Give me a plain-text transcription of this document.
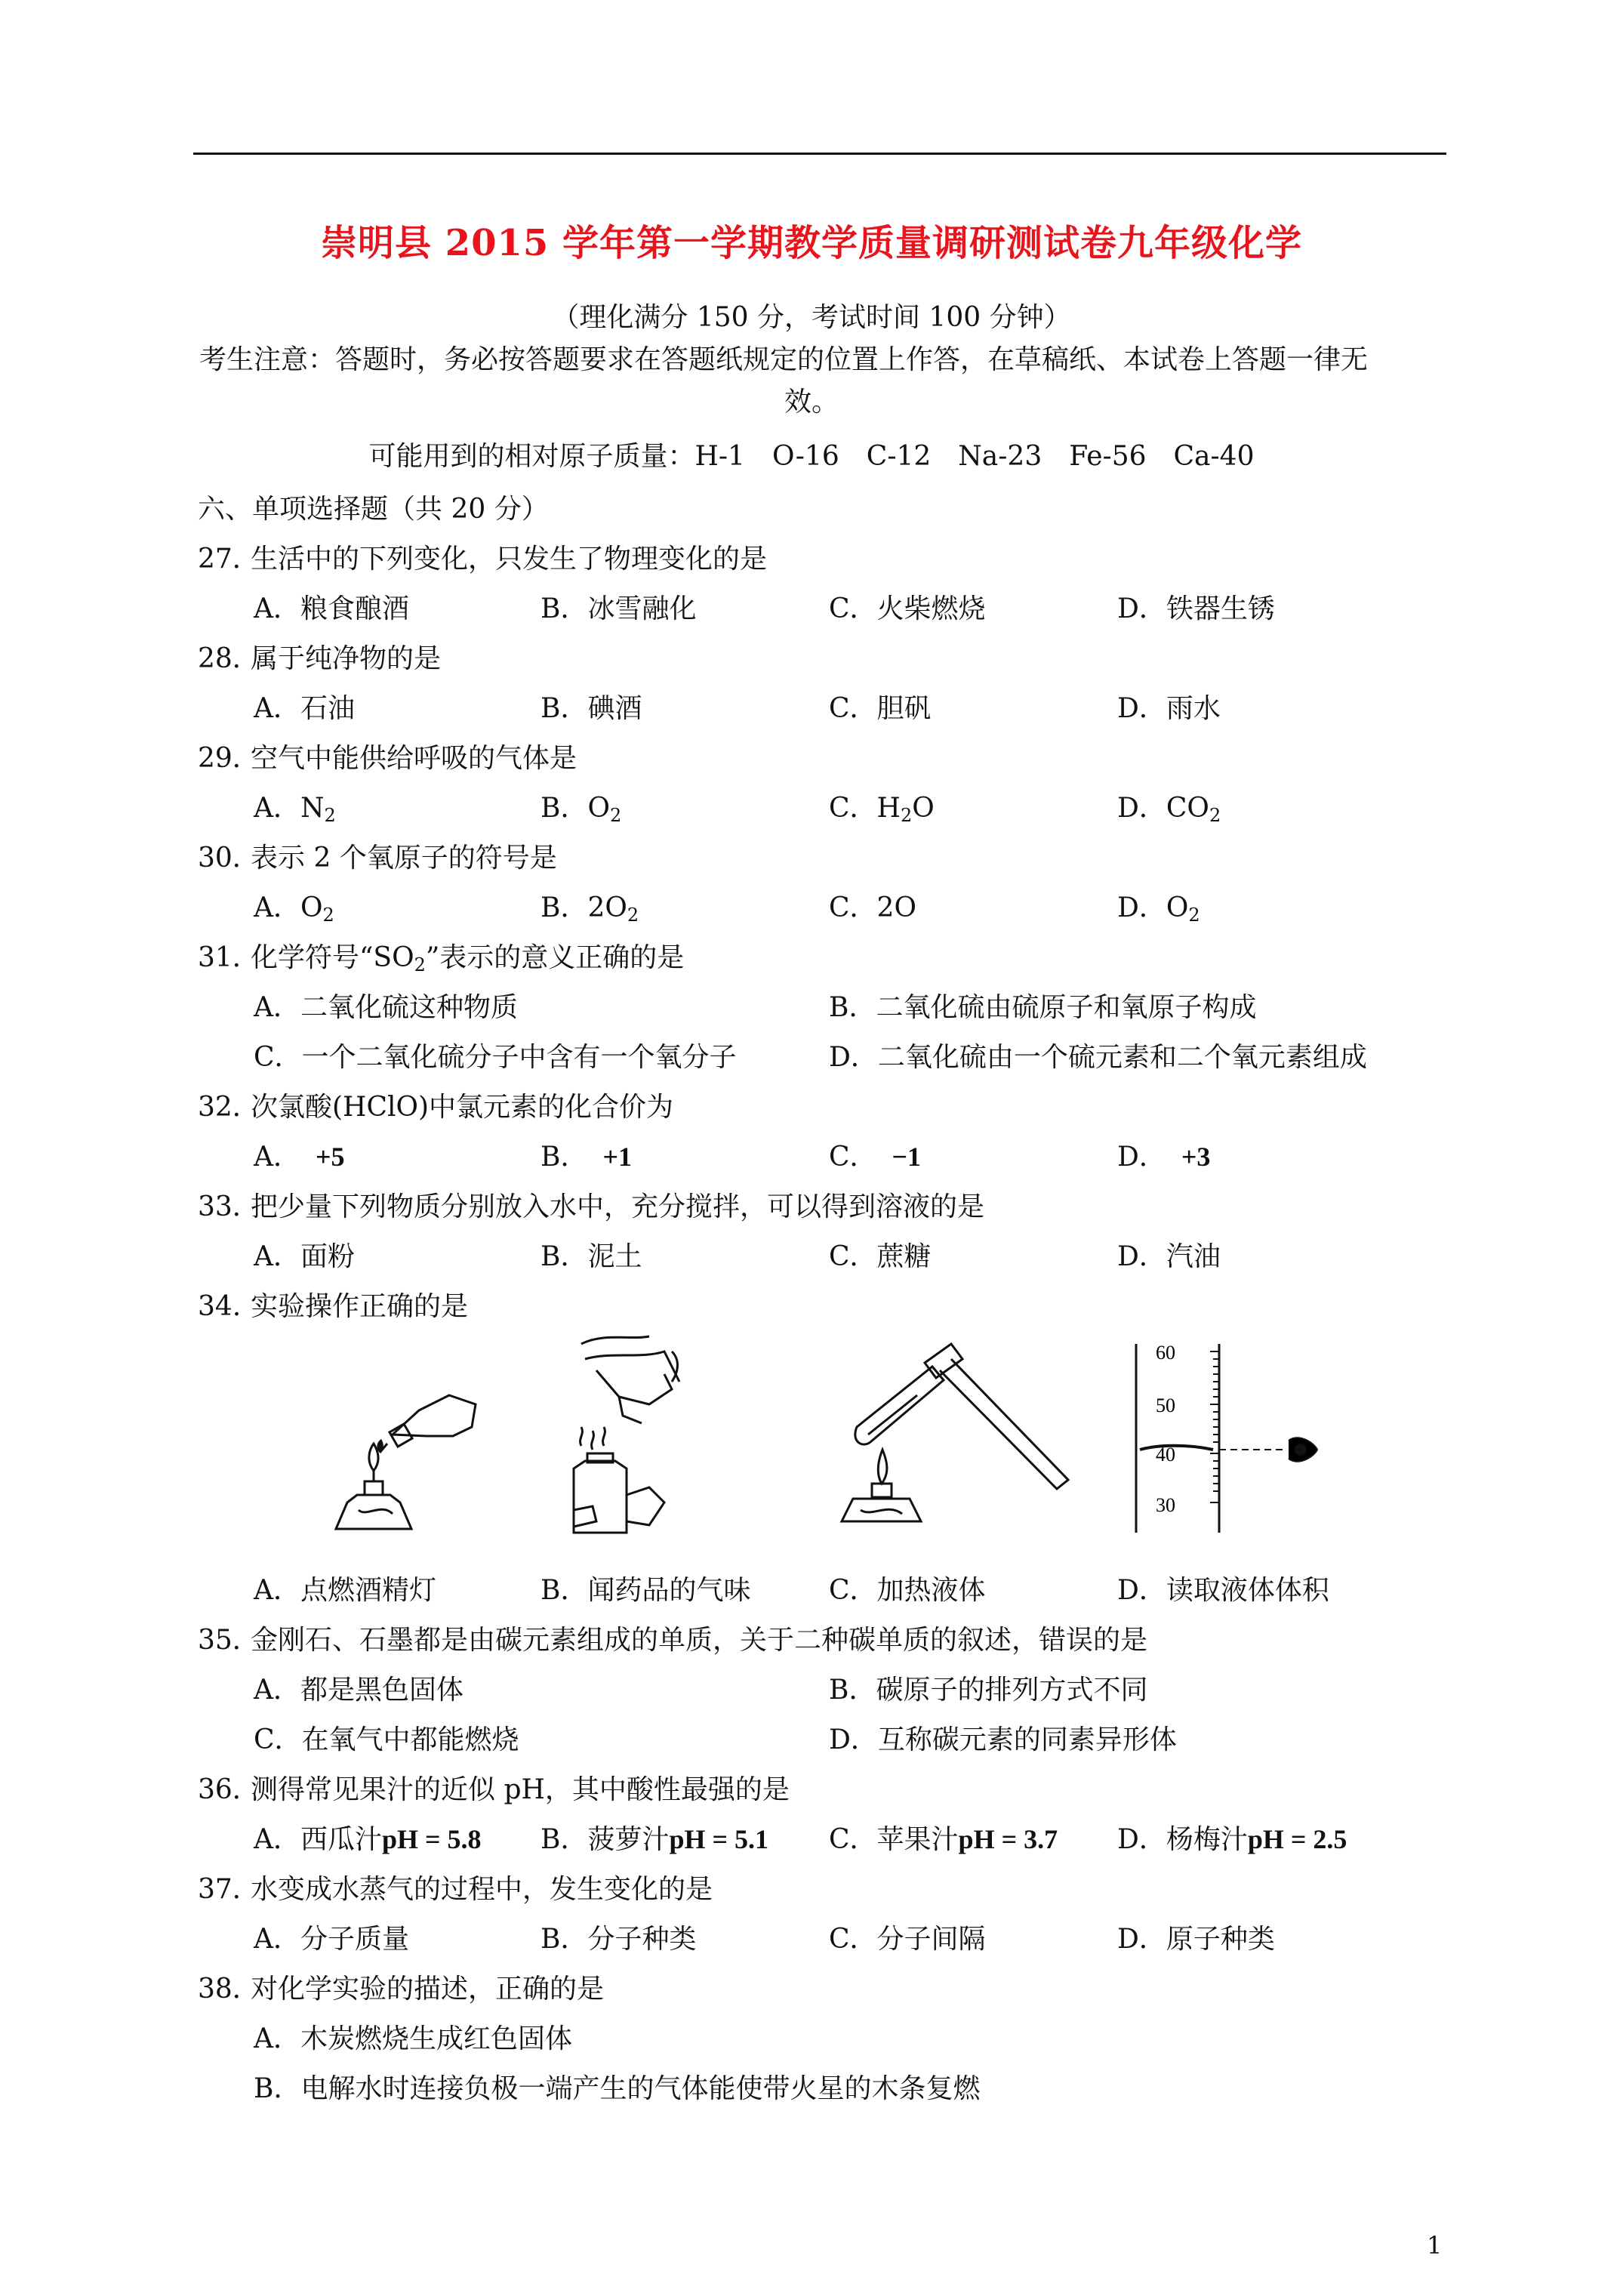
崇明县 2015 学年第一学期教学质量调研测试卷九年级化学
（理化满分 150 分，考试时间 100 分钟）
考生注意：答题时，务必按答题要求在答题纸规定的位置上作答，在草稿纸、本试卷上答题一律无
效。
可能用到的相对原子质量：H-1　O-16　C-12　Na-23　Fe-56　Ca-40
六、单项选择题（共 20 分）
27．生活中的下列变化，只发生了物理变化的是
A．粮食酿酒	B．冰雪融化	C．火柴燃烧	D．铁器生锈
28．属于纯净物的是
A．石油	B．碘酒	C．胆矾	D．雨水
29．空气中能供给呼吸的气体是
A．$N_2$	B．$O_2$	C．$H_2O$	D．$CO_2$
30．表示 2 个氧原子的符号是
A．$O_2$	B．$2O_2$	C．2O	D．$O_2$
31．化学符号“$SO_2$”表示的意义正确的是
A．二氧化硫这种物质	B．二氧化硫由硫原子和氧原子构成
C．一个二氧化硫分子中含有一个氧分子	D．二氧化硫由一个硫元素和二个氧元素组成
32．次氯酸(HClO)中氯元素的化合价为
A． +5	B． +1	C． −1	D． +3
33．把少量下列物质分别放入水中，充分搅拌，可以得到溶液的是
A．面粉	B．泥土	C．蔗糖	D．汽油
34. 实验操作正确的是
60
50
40
30
A．点燃酒精灯	B．闻药品的气味	C．加热液体	D．读取液体体积
35．金刚石、石墨都是由碳元素组成的单质，关于二种碳单质的叙述，错误的是
A．都是黑色固体	B．碳原子的排列方式不同
C．在氧气中都能燃烧	D．互称碳元素的同素异形体
36．测得常见果汁的近似 pH，其中酸性最强的是
A．西瓜汁pH = 5.8 B．菠萝汁pH = 5.1 C．苹果汁pH = 3.7 D．杨梅汁pH = 2.5
37．水变成水蒸气的过程中，发生变化的是
A．分子质量	B．分子种类	C．分子间隔	D．原子种类
38．对化学实验的描述，正确的是
A．木炭燃烧生成红色固体
B．电解水时连接负极一端产生的气体能使带火星的木条复燃
1
